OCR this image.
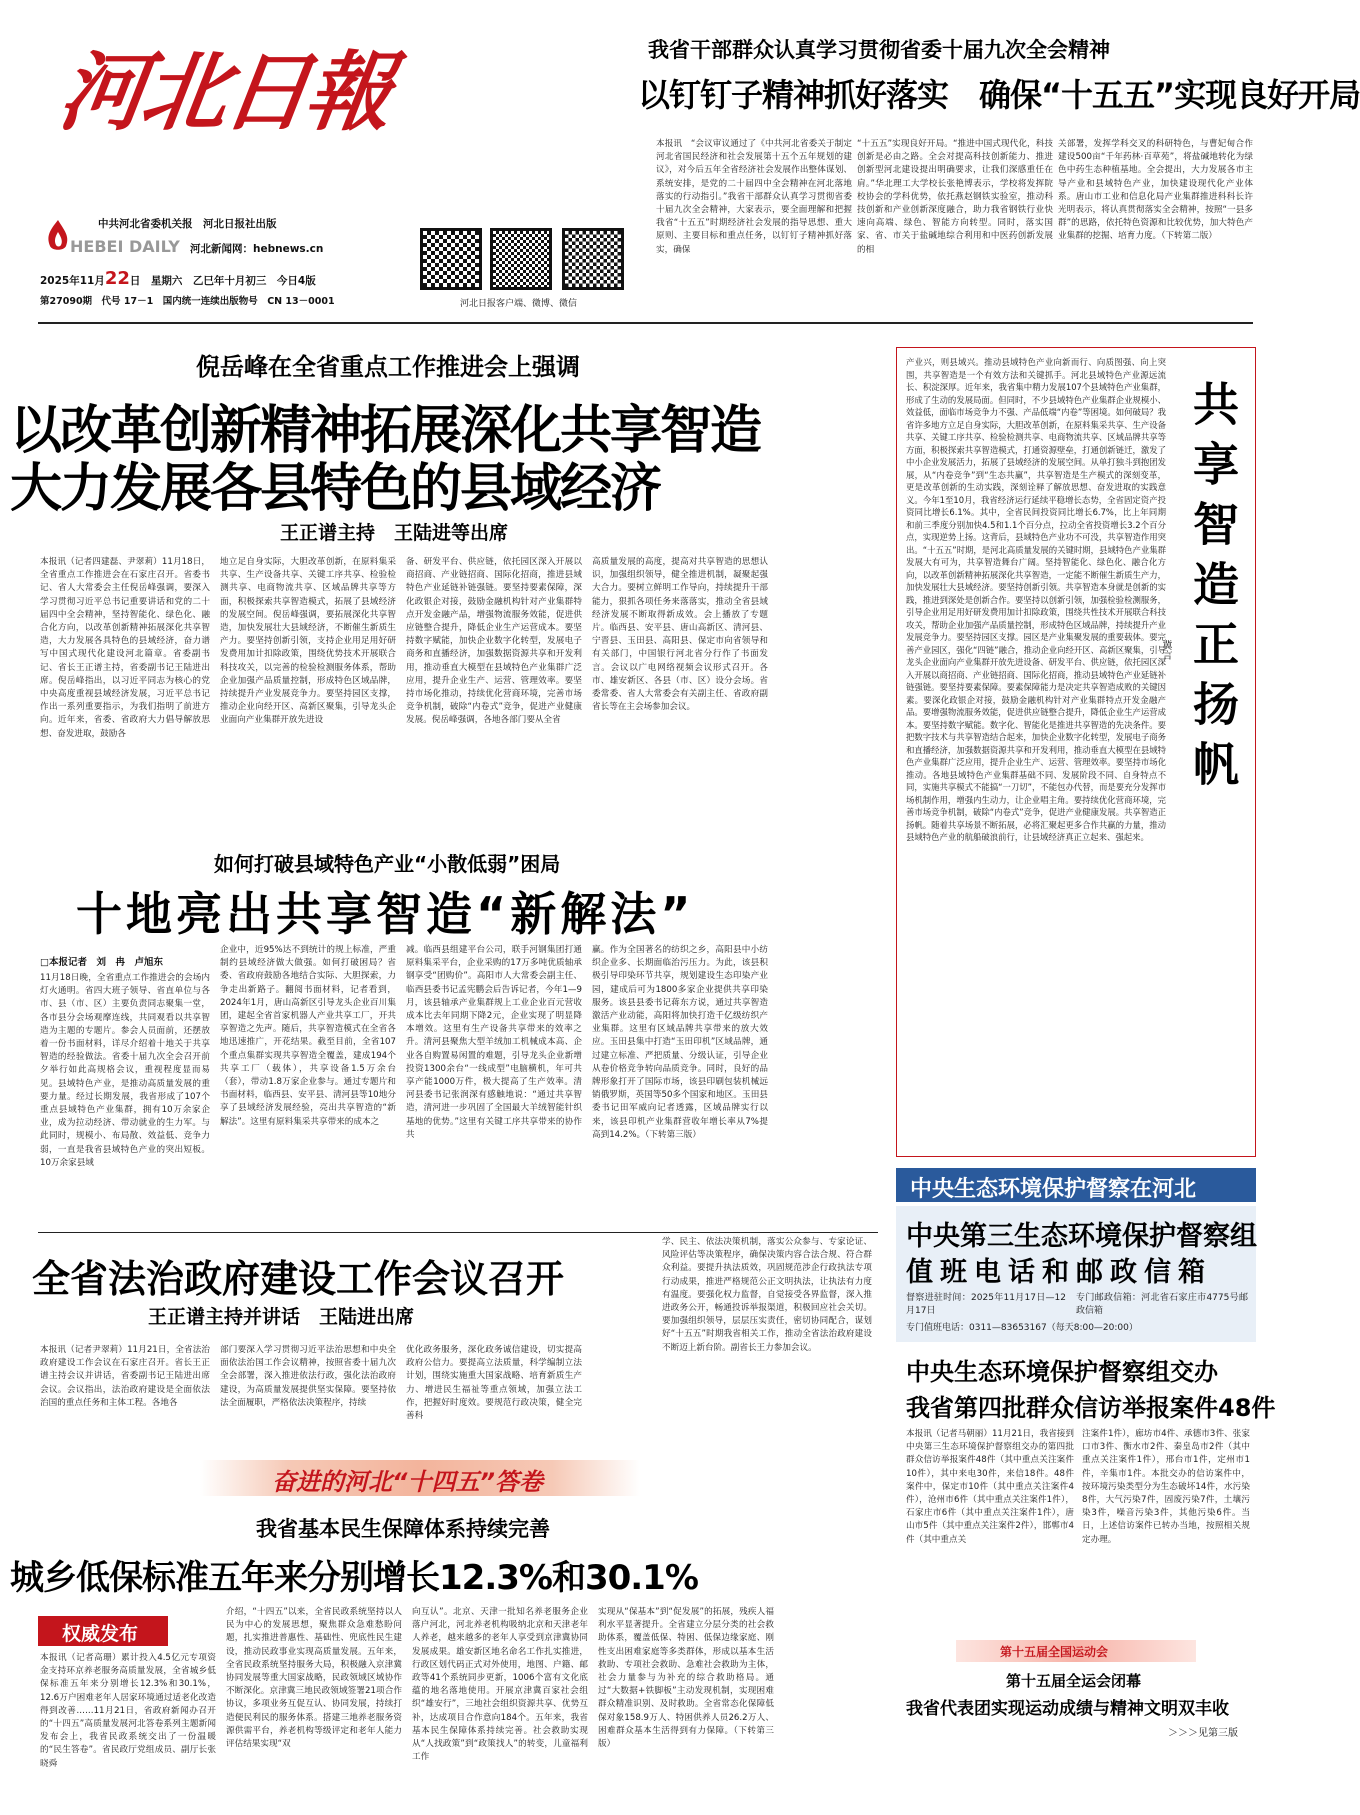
河北日報
中共河北省委机关报　河北日报社出版
HEBEI DAILY 河北新闻网：hebnews.cn
2025年11月22日　星期六　乙巳年十月初三　今日4版
第27090期　代号 17－1　国内统一连续出版物号　CN 13－0001	河北日报客户端、微博、微信
我省干部群众认真学习贯彻省委十届九次全会精神
以钉钉子精神抓好落实　确保“十五五”实现良好开局
本报讯　“会议审议通过了《中共河北省委关于制定河北省国民经济和社会发展第十五个五年规划的建议》，对今后五年全省经济社会发展作出整体谋划、系统安排，是党的二十届四中全会精神在河北落地落实的行动指引。”我省干部群众认真学习贯彻省委十届九次全会精神，大家表示，要全面理解和把握我省“十五五”时期经济社会发展的指导思想、重大原则、主要目标和重点任务，以钉钉子精神抓好落实，确保
“十五五”实现良好开局。“推进中国式现代化，科技创新是必由之路。全会对提高科技创新能力、推进创新型河北建设提出明确要求，让我们深感重任在肩。”华北理工大学校长张艳博表示，学校将发挥院校协会的学科优势，依托燕赵钢铁实验室，推动科技创新和产业创新深度融合，助力我省钢铁行业快速向高端、绿色、智能方向转型。同时，落实国家、省、市关于盐碱地综合利用和中医药创新发展的相
关部署，发挥学科交叉的科研特色，与曹妃甸合作建设500亩“千年药林·百草苑”，将盐碱地转化为绿色中药生态种植基地。全会提出，大力发展各市主导产业和县域特色产业，加快建设现代化产业体系。唐山市工业和信息化局产业集群推进科科长许光明表示，将认真贯彻落实全会精神，按照“一县多群”的思路，依托特色资源和比较优势，加大特色产业集群的挖掘、培育力度。（下转第二版）
倪岳峰在全省重点工作推进会上强调
以改革创新精神拓展深化共享智造
大力发展各县特色的县域经济
王正谱主持　王陆进等出席
本报讯（记者四建磊、尹翠莉）11月18日，全省重点工作推进会在石家庄召开。省委书记、省人大常委会主任倪岳峰强调，要深入学习贯彻习近平总书记重要讲话和党的二十届四中全会精神，坚持智能化、绿色化、融合化方向，以改革创新精神拓展深化共享智造，大力发展各具特色的县域经济，奋力谱写中国式现代化建设河北篇章。省委副书记、省长王正谱主持，省委副书记王陆进出席。倪岳峰指出，以习近平同志为核心的党中央高度重视县域经济发展，习近平总书记作出一系列重要指示，为我们指明了前进方向。近年来，省委、省政府大力倡导解放思想、奋发进取，鼓励各
地立足自身实际，大胆改革创新，在原料集采共享、生产设备共享、关键工序共享、检验检测共享、电商物流共享、区域品牌共享等方面，积极探索共享智造模式，拓展了县域经济的发展空间。倪岳峰强调，要拓展深化共享智造，加快发展壮大县域经济，不断催生新质生产力。要坚持创新引领，支持企业用足用好研发费用加计扣除政策，围绕优势技术开展联合科技攻关，以完善的检验检测服务体系，帮助企业加强产品质量控制，形成特色区域品牌，持续提升产业发展竞争力。要坚持园区支撑，推动企业向经开区、高新区聚集，引导龙头企业面向产业集群开放先进设
备、研发平台、供应链，依托园区深入开展以商招商、产业链招商、国际化招商，推进县域特色产业延链补链强链。要坚持要素保障，深化政银企对接，鼓励金融机构针对产业集群特点开发金融产品，增强物流服务效能，促进供应链整合提升，降低企业生产运营成本。要坚持数字赋能，加快企业数字化转型，发展电子商务和直播经济，加强数据资源共享和开发利用，推动垂直大模型在县域特色产业集群广泛应用，提升企业生产、运营、管理效率。要坚持市场化推动，持续优化营商环境，完善市场竞争机制，破除“内卷式”竞争，促进产业健康发展。倪岳峰强调，各地各部门要从全省
高质量发展的高度，提高对共享智造的思想认识，加强组织领导，健全推进机制，凝聚起强大合力。要树立鲜明工作导向，持续提升干部能力，狠抓各项任务来落落实，推动全省县域经济发展不断取得新成效。会上播放了专题片。临西县、安平县、唐山高新区、清河县、宁晋县、玉田县、高阳县、保定市向省领导和有关部门，中国银行河北省分行作了书面发言。会议以广电网络视频会议形式召开。各市、雄安新区、各县（市、区）设分会场。省委常委、省人大常委会有关副主任、省政府副省长等在主会场参加会议。
产业兴，则县域兴。推动县域特色产业向新而行、向质图强、向上突围，共享智造是一个有效方法和关键抓手。河北县域特色产业源远流长、积淀深厚。近年来，我省集中精力发展107个县域特色产业集群，形成了生动的发展局面。但同时，不少县域特色产业集群企业规模小、效益低，面临市场竞争力不强、产品低端“内卷”等困境。如何破局？我省许多地方立足自身实际，大胆改革创新，在原料集采共享、生产设备共享、关键工序共享、检验检测共享、电商物流共享、区域品牌共享等方面，积极探索共享智造模式，打通资源壁垒，打通创新链迁，激发了中小企业发展活力，拓展了县域经济的发展空间。从单打独斗到抱团发展，从“内卷竞争”到“生态共赢”，共享智造是生产模式的深刻变革，更是改革创新的生动实践，深刻诠释了解放思想、奋发进取的实践意义。今年1至10月，我省经济运行延续平稳增长态势，全省固定资产投资同比增长6.1%。其中，全省民间投资同比增长6.7%，比上年同期和前三季度分别加快4.5和1.1个百分点，拉动全省投资增长3.2个百分点，实现逆势上扬。这背后，县域特色产业功不可没，共享智造作用突出。“十五五”时期，是河北高质量发展的关键时期，县域特色产业集群发展大有可为，共享智造舞台广阔。坚持智能化、绿色化、融合化方向，以改革创新精神拓展深化共享智造，一定能不断催生新质生产力，加快发展壮大县域经济。要坚持创新引领。共享智造本身就是创新的实践，推进到深处是创新合作。要坚持以创新引领，加强检验检测服务，引导企业用足用好研发费用加计扣除政策，围绕共性技术开展联合科技攻关，帮助企业加强产品质量控制，形成特色区域品牌，持续提升产业发展竞争力。要坚持园区支撑。园区是产业集聚发展的重要载体。要完善产业园区，强化“四链”融合，推动企业向经开区、高新区聚集，引导龙头企业面向产业集群开放先进设备、研发平台、供应链，依托园区深入开展以商招商、产业链招商、国际化招商，推动县域特色产业延链补链强链。要坚持要素保障。要素保障能力是决定共享智造成败的关键因素。要深化政银企对接，鼓励金融机构针对产业集群特点开发金融产品。要增强物流服务效能，促进供应链整合提升，降低企业生产运营成本。要坚持数字赋能。数字化、智能化是推进共享智造的先决条件。要把数字技术与共享智造结合起来，加快企业数字化转型，发展电子商务和直播经济，加强数据资源共享和开发利用，推动垂直大模型在县域特色产业集群广泛应用，提升企业生产、运营、管理效率。要坚持市场化推动。各地县域特色产业集群基础不同、发展阶段不同、自身特点不同，实施共享模式不能搞“一刀切”，不能包办代替，而是要充分发挥市场机制作用，增强内生动力，让企业唱主角。要持续优化营商环境，完善市场竞争机制，破除“内卷式”竞争，促进产业健康发展。共享智造正扬帆。随着共享场景不断拓展，必将汇聚起更多合作共赢的力量，推动县域特色产业的航船破浪前行，让县域经济真正立起来、强起来。
共享智造正扬帆
冀言
如何打破县域特色产业“小散低弱”困局
十地亮出共享智造“新解法”
□本报记者　刘　冉　卢旭东
11月18日晚，全省重点工作推进会的会场内灯火通明。省四大班子领导、省直单位与各市、县（市、区）主要负责同志聚集一堂，各市县分会场观摩连线，共同观看以共享智造为主题的专题片。参会人员面前，还摆放着一份书面材料，详尽介绍着十地关于共享智造的经验做法。省委十届九次全会召开前夕举行如此高规格会议，重视程度显而易见。县域特色产业，是推动高质量发展的重要力量。经过长期发展，我省形成了107个重点县域特色产业集群，拥有10万余家企业，成为拉动经济、带动就业的生力军。与此同时，规模小、布局散、效益低、竞争力弱，一直是我省县域特色产业的突出短板。10万余家县域
企业中，近95%达不到统计的规上标准，严重制约县域经济做大做强。如何打破困局？省委、省政府鼓励各地结合实际、大胆探索，力争走出新路子。翻阅书面材料，记者看到，2024年1月，唐山高新区引导龙头企业百川集团，建起全省首家机器人产业共享工厂，开共享智造之先声。随后，共享智造模式在全省各地迅速推广，开花结果。截至目前，全省107个重点集群实现共享智造全覆盖，建成194个共享工厂（载体），共享设备1.5万余台（套），带动1.8万家企业参与。通过专题片和书面材料，临西县、安平县、清河县等10地分享了县域经济发展经验，亮出共享智造的“新解法”。这里有原料集采共享带来的成本之
减。临西县组建平台公司，联手河钢集团打通原料集采平台，企业采购的17万多吨优质轴承钢享受“团购价”。高阳市人大常委会副主任、临西县委书记孟宪鹏会后告诉记者，今年1—9月，该县轴承产业集群规上工业企业百元营收成本比去年同期下降2元，企业实现了明显降本增效。这里有生产设备共享带来的效率之升。清河县聚焦大型羊绒加工机械成本高、企业各自购置易闲置的难题，引导龙头企业新增投资1300余台“一线成型”电脑横机，年可共享产能1000万件，极大提高了生产效率。清河县委书记张润深有感触地说：“通过共享智造，清河进一步巩固了全国最大羊绒智能针织基地的优势。”这里有关键工序共享带来的协作共
赢。作为全国著名的纺织之乡，高阳县中小纺织企业多、长期面临治污压力。为此，该县积极引导印染环节共享，规划建设生态印染产业园，建成后可为1800多家企业提供共享印染服务。该县县委书记蒋东方说，通过共享智造激活产业动能，高阳将加快打造千亿级纺织产业集群。这里有区域品牌共享带来的放大效应。玉田县集中打造“玉田印机”区域品牌，通过建立标准、严把质量、分级认证，引导企业从卷价格竞争转向品质竞争。同时，良好的品牌形象打开了国际市场，该县印刷包装机械远销俄罗斯，英国等50多个国家和地区。玉田县委书记田军威向记者透露，区域品牌实行以来，该县印机产业集群营收年增长率从7%提高到14.2%。（下转第三版）
全省法治政府建设工作会议召开
王正谱主持并讲话　王陆进出席
本报讯（记者尹翠莉）11月21日，全省法治政府建设工作会议在石家庄召开。省长王正谱主持会议并讲话，省委副书记王陆进出席会议。会议指出，法治政府建设是全面依法治国的重点任务和主体工程。各地各
部门要深入学习贯彻习近平法治思想和中央全面依法治国工作会议精神，按照省委十届九次全会部署，深入推进依法行政，强化法治政府建设，为高质量发展提供坚实保障。要坚持依法全面履职，严格依法决策程序，持续
优化政务服务，深化政务诚信建设，切实提高政府公信力。要提高立法质量，科学编制立法计划，围绕实施重大国家战略、培育新质生产力、增进民生福祉等重点领域，加强立法工作，把握好时度效。要规范行政决策，健全完善科
学、民主、依法决策机制，落实公众参与、专家论证、风险评估等决策程序，确保决策内容合法合规、符合群众利益。要提升执法质效，巩固规范涉企行政执法专项行动成果，推进严格规范公正文明执法，让执法有力度有温度。要强化权力监督，自觉接受各界监督，深入推进政务公开，畅通投诉举报渠道，积极回应社会关切。要加强组织领导，层层压实责任，密切协同配合，谋划好“十五五”时期我省相关工作，推动全省法治政府建设不断迈上新台阶。副省长王力参加会议。
奋进的河北“十四五”答卷
我省基本民生保障体系持续完善
城乡低保标准五年来分别增长12.3%和30.1%
权威发布
本报讯（记者高珊）累计投入4.5亿元专项资金支持环京养老服务高质量发展，全省城乡低保标准五年来分别增长12.3%和30.1%，12.6万户困难老年人居家环境通过适老化改造得到改善……11月21日，省政府新闻办召开的“十四五”高质量发展河北答卷系列主题新闻发布会上，我省民政系统交出了一份温暖的“民生答卷”。省民政厅党组成员、副厅长张晓舜
介绍，“十四五”以来，全省民政系统坚持以人民为中心的发展思想，聚焦群众急难愁盼问题，扎实推进普惠性、基础性、兜底性民生建设，推动民政事业实现高质量发展。五年来，全省民政系统坚持服务大局，积极融入京津冀协同发展等重大国家战略，民政领域区域协作不断深化。京津冀三地民政领域签署21项合作协议，多项业务互促互认、协同发展，持续打造便民利民的服务体系。搭建三地养老服务资源供需平台，养老机构等级评定和老年人能力评估结果实现“双
向互认”。北京、天津一批知名养老服务企业落户河北，河北养老机构吸纳北京和天津老年人养老，越来越多的老年人享受到京津冀协同发展成果。雄安新区地名命名工作扎实推进，行政区划代码正式对外使用，地图、户籍、邮政等41个系统同步更新，1006个富有文化底蕴的地名落地使用。开展京津冀百家社会组织“雄安行”，三地社会组织资源共享、优势互补，达成项目合作意向184个。五年来，我省基本民生保障体系持续完善。社会救助实现从“人找政策”到“政策找人”的转变，儿童福利工作
实现从“保基本”到“促发展”的拓展，残疾人福利水平显著提升。全省建立分层分类的社会救助体系，覆盖低保、特困、低保边缘家庭、刚性支出困难家庭等多类群体，形成以基本生活救助、专项社会救助、急难社会救助为主体，社会力量参与为补充的综合救助格局。通过“大数据+铁脚板”主动发现机制，实现困难群众精准识别、及时救助。全省常态化保障低保对象158.9万人、特困供养人员26.2万人、困难群众基本生活得到有力保障。（下转第三版）
中央生态环境保护督察在河北
中央第三生态环境保护督察组
值班电话和邮政信箱
督察进驻时间：2025年11月17日—12月17日
专门值班电话：0311—83653167（每天8:00—20:00）
专门邮政信箱：河北省石家庄市4775号邮政信箱
中央生态环境保护督察组交办
我省第四批群众信访举报案件48件
本报讯（记者马朝丽）11月21日，我省接到中央第三生态环境保护督察组交办的第四批群众信访举报案件48件（其中重点关注案件10件），其中来电30件，来信18件。48件案件中，保定市10件（其中重点关注案件4件），沧州市6件（其中重点关注案件1件），石家庄市6件（其中重点关注案件1件），唐山市5件（其中重点关注案件2件），邯郸市4件（其中重点关
注案件1件），廊坊市4件、承德市3件、张家口市3件、衡水市2件、秦皇岛市2件（其中重点关注案件1件），邢台市1件，定州市1件，辛集市1件。本批交办的信访案件中，按环境污染类型分为生态破坏14件，水污染8件，大气污染7件，固废污染7件，土壤污染3件，噪音污染3件，其他污染6件。当日，上述信访案件已转办当地，按照相关规定办理。
第十五届全国运动会
第十五届全运会闭幕
我省代表团实现运动成绩与精神文明双丰收
＞＞＞见第三版
